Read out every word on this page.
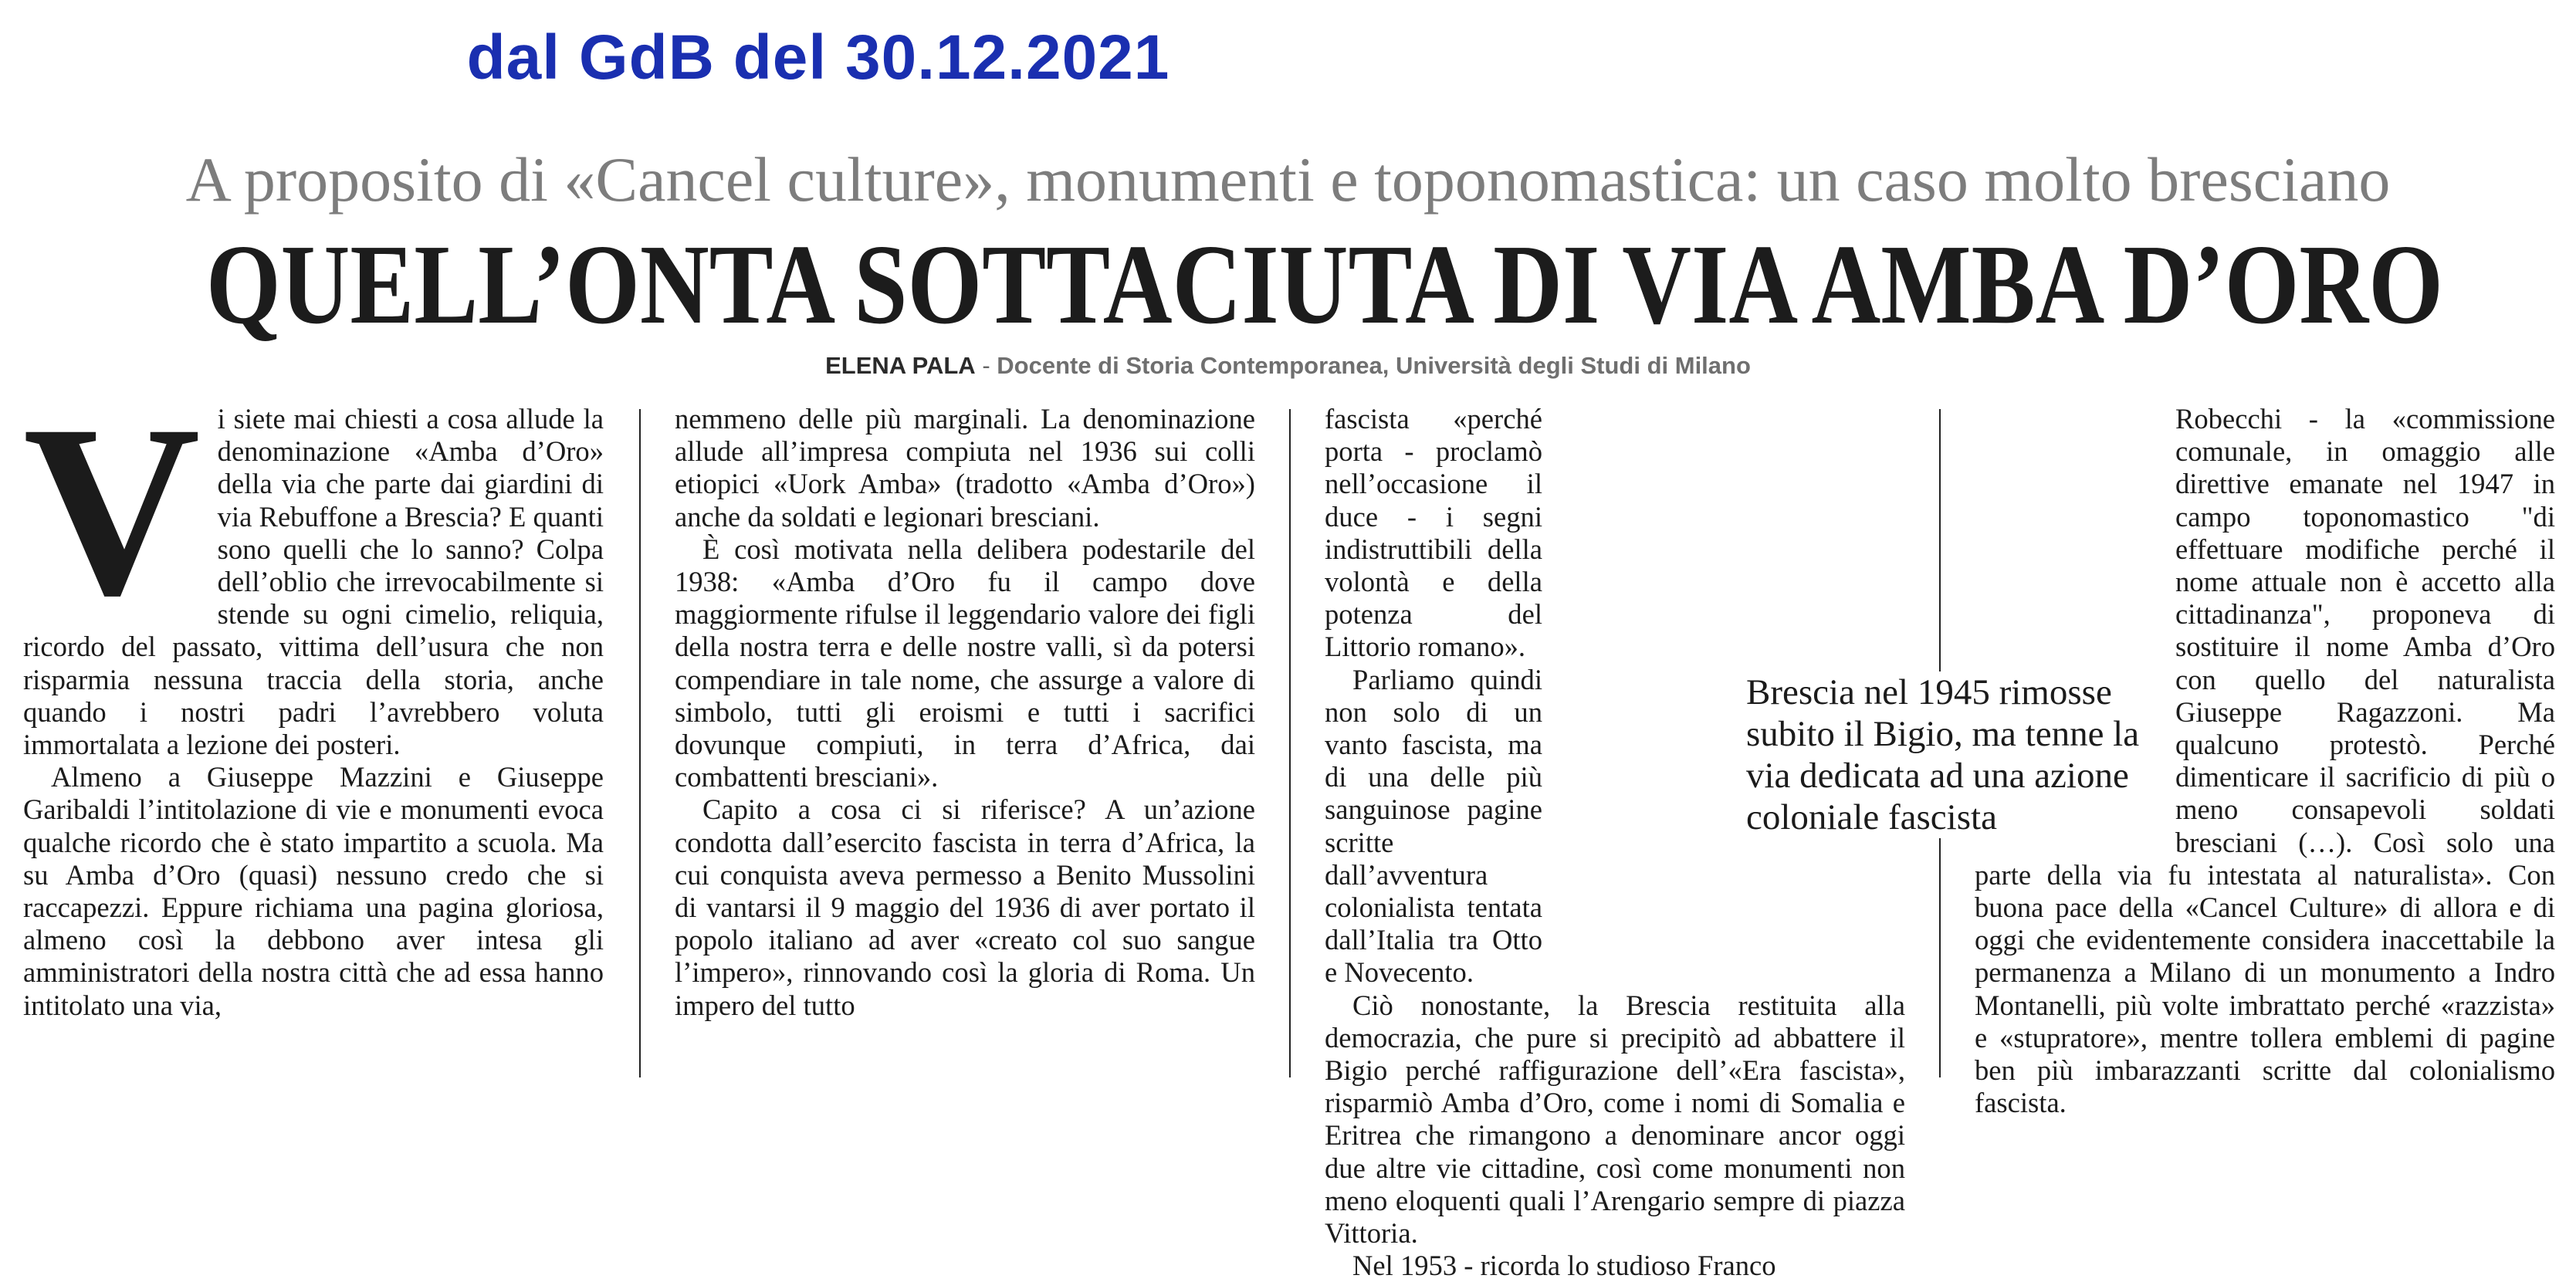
dal GdB del 30.12.2021
A proposito di «Cancel culture», monumenti e toponomastica: un caso molto bresciano
QUELL’ONTA SOTTACIUTA DI VIA AMBA D’ORO
ELENA PALA - Docente di Storia Contemporanea, Università degli Studi di Milano
V i siete mai chiesti a cosa allude la denominazione «Amba d’Oro» della via che parte dai giardini di via Rebuffone a Brescia? E quanti sono quelli che lo sanno? Colpa dell’oblio che irrevocabilmente si stende su ogni cimelio, reliquia, ricordo del passato, vittima dell’usura che non risparmia nessuna traccia della storia, anche quando i nostri padri l’avrebbero voluta immortalata a lezione dei posteri.

Almeno a Giuseppe Mazzini e Giuseppe Garibaldi l’intitolazione di vie e monumenti evoca qualche ricordo che è stato impartito a scuola. Ma su Amba d’Oro (quasi) nessuno credo che si raccapezzi. Eppure richiama una pagina gloriosa, almeno così la debbono aver intesa gli amministratori della nostra città che ad essa hanno intitolato una via,

nemmeno delle più marginali. La denominazione allude all’impresa compiuta nel 1936 sui colli etiopici «Uork Amba» (tradotto «Amba d’Oro») anche da soldati e legionari bresciani.

È così motivata nella delibera podestarile del 1938: «Amba d’Oro fu il campo dove maggiormente rifulse il leggendario valore dei figli della nostra terra e delle nostre valli, sì da potersi compendiare in tale nome, che assurge a valore di simbolo, tutti gli eroismi e tutti i sacrifici dovunque compiuti, in terra d’Africa, dai combattenti bresciani».

Capito a cosa ci si riferisce? A un’azione condotta dall’esercito fascista in terra d’Africa, la cui conquista aveva permesso a Benito Mussolini di vantarsi il 9 maggio del 1936 di aver portato il popolo italiano ad aver «creato col suo sangue l’impero», rinnovando così la gloria di Roma. Un impero del tutto

fascista «perché porta - proclamò nell’occasione il duce - i segni indistruttibili della volontà e della potenza del Littorio romano».

Parliamo quindi non solo di un vanto fascista, ma di una delle più sanguinose pagine scritte dall’avventura colonialista tentata dall’Italia tra Otto e Novecento.

Ciò nonostante, la Brescia restituita alla democrazia, che pure si precipitò ad abbattere il Bigio perché raffigurazione dell’«Era fascista», risparmiò Amba d’Oro, come i nomi di Somalia e Eritrea che rimangono a denominare ancor oggi due altre vie cittadine, così come monumenti non meno eloquenti quali l’Arengario sempre di piazza Vittoria.

Nel 1953 - ricorda lo studioso Franco

Robecchi - la «commissione comunale, in omaggio alle direttive emanate nel 1947 in campo toponomastico "di effettuare modifiche perché il nome attuale non è accetto alla cittadinanza", proponeva di sostituire il nome Amba d’Oro con quello del naturalista Giuseppe Ragazzoni. Ma qualcuno protestò. Perché dimenticare il sacrificio di più o meno consapevoli soldati bresciani (…). Così solo una parte della via fu intestata al naturalista». Con buona pace della «Cancel Culture» di allora e di oggi che evidentemente considera inaccettabile la permanenza a Milano di un monumento a Indro Montanelli, più volte imbrattato perché «razzista» e «stupratore», mentre tollera emblemi di pagine ben più imbarazzanti scritte dal colonialismo fascista.

Brescia nel 1945 rimosse subito il Bigio, ma tenne la via dedicata ad una azione coloniale fascista
